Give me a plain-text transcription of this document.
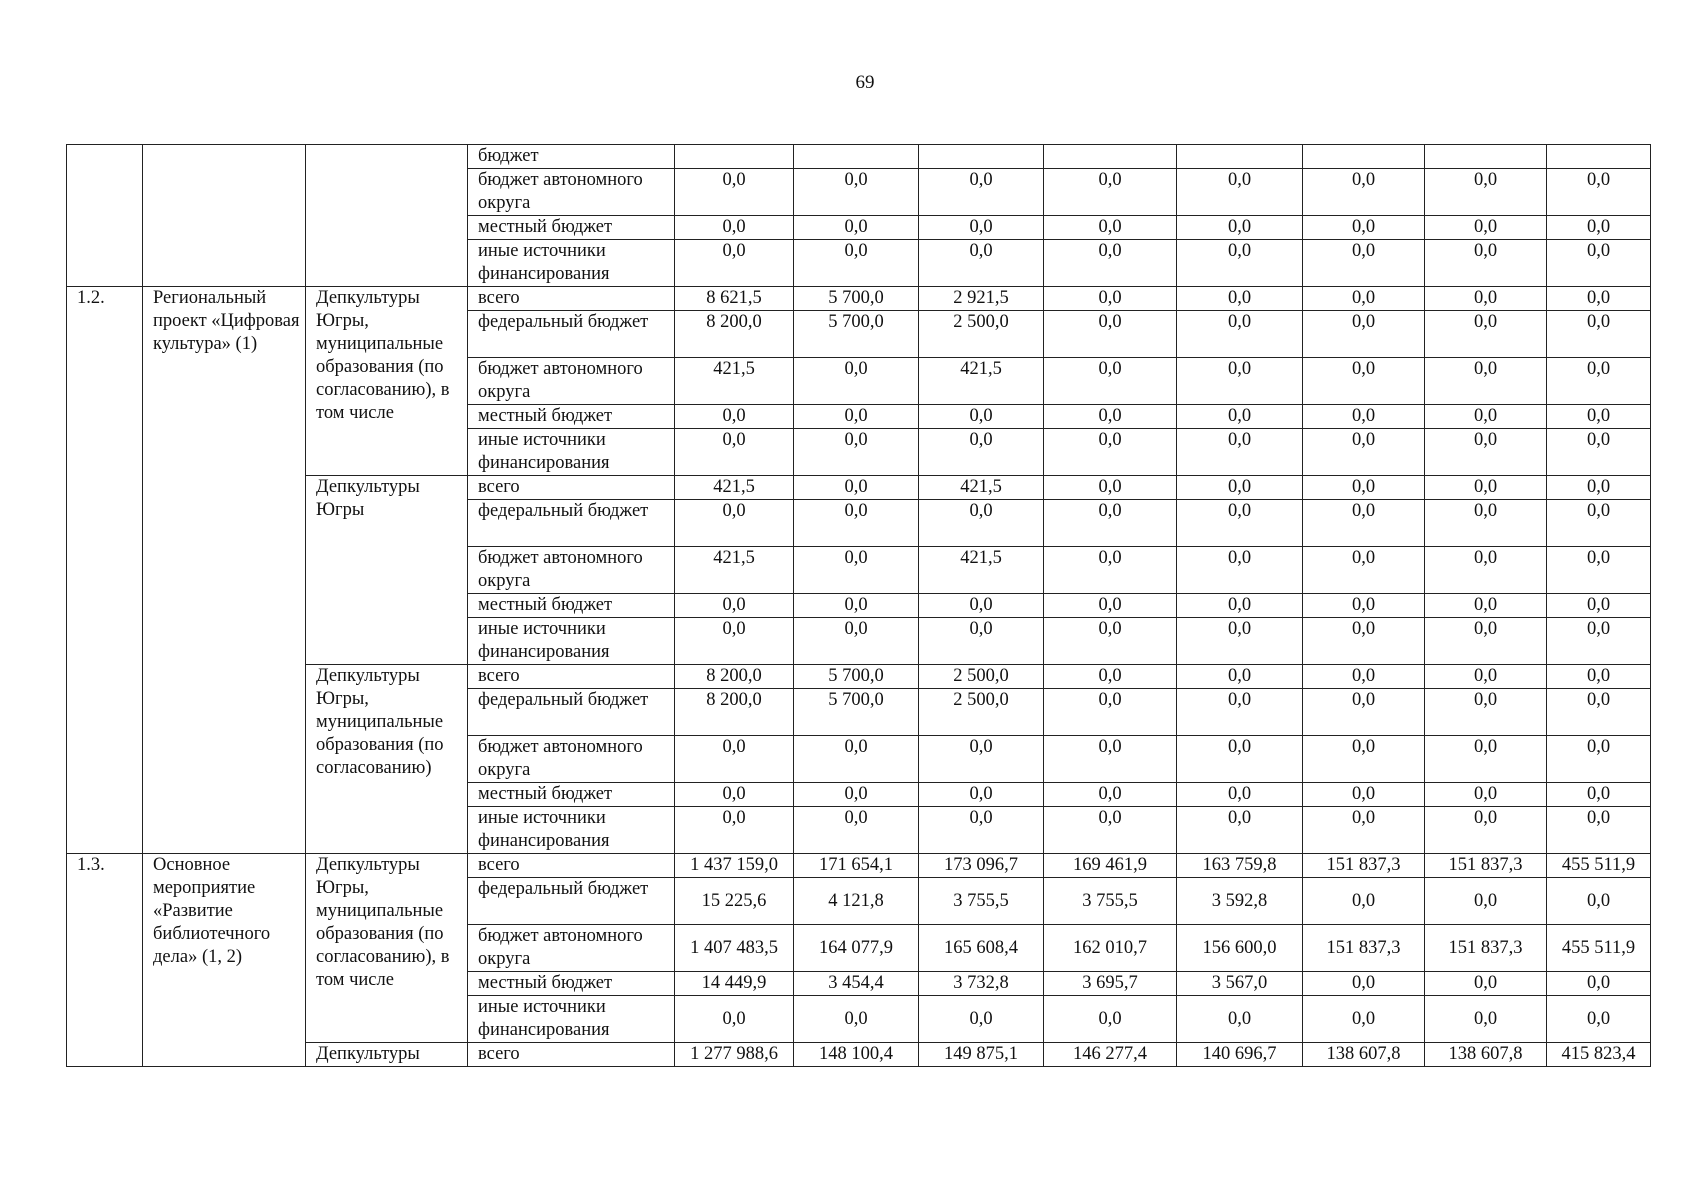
69
			бюджет								
			бюджет автономного округа	0,0	0,0	0,0	0,0	0,0	0,0	0,0	0,0
			местный бюджет	0,0	0,0	0,0	0,0	0,0	0,0	0,0	0,0
			иные источники финансирования	0,0	0,0	0,0	0,0	0,0	0,0	0,0	0,0
1.2.	Региональный проект «Цифровая культура» (1)	Депкультуры Югры, муниципальные образования (по согласованию), в том числе	всего	8 621,5	5 700,0	2 921,5	0,0	0,0	0,0	0,0	0,0
			федеральный бюджет	8 200,0	5 700,0	2 500,0	0,0	0,0	0,0	0,0	0,0
			бюджет автономного округа	421,5	0,0	421,5	0,0	0,0	0,0	0,0	0,0
			местный бюджет	0,0	0,0	0,0	0,0	0,0	0,0	0,0	0,0
			иные источники финансирования	0,0	0,0	0,0	0,0	0,0	0,0	0,0	0,0
		Депкультуры Югры	всего	421,5	0,0	421,5	0,0	0,0	0,0	0,0	0,0
			федеральный бюджет	0,0	0,0	0,0	0,0	0,0	0,0	0,0	0,0
			бюджет автономного округа	421,5	0,0	421,5	0,0	0,0	0,0	0,0	0,0
			местный бюджет	0,0	0,0	0,0	0,0	0,0	0,0	0,0	0,0
			иные источники финансирования	0,0	0,0	0,0	0,0	0,0	0,0	0,0	0,0
		Депкультуры Югры, муниципальные образования (по согласованию)	всего	8 200,0	5 700,0	2 500,0	0,0	0,0	0,0	0,0	0,0
			федеральный бюджет	8 200,0	5 700,0	2 500,0	0,0	0,0	0,0	0,0	0,0
			бюджет автономного округа	0,0	0,0	0,0	0,0	0,0	0,0	0,0	0,0
			местный бюджет	0,0	0,0	0,0	0,0	0,0	0,0	0,0	0,0
			иные источники финансирования	0,0	0,0	0,0	0,0	0,0	0,0	0,0	0,0
1.3.	Основное мероприятие «Развитие библиотечного дела» (1, 2)	Депкультуры Югры, муниципальные образования (по согласованию), в том числе	всего	1 437 159,0	171 654,1	173 096,7	169 461,9	163 759,8	151 837,3	151 837,3	455 511,9
			федеральный бюджет	15 225,6	4 121,8	3 755,5	3 755,5	3 592,8	0,0	0,0	0,0
			бюджет автономного округа	1 407 483,5	164 077,9	165 608,4	162 010,7	156 600,0	151 837,3	151 837,3	455 511,9
			местный бюджет	14 449,9	3 454,4	3 732,8	3 695,7	3 567,0	0,0	0,0	0,0
			иные источники финансирования	0,0	0,0	0,0	0,0	0,0	0,0	0,0	0,0
		Депкультуры	всего	1 277 988,6	148 100,4	149 875,1	146 277,4	140 696,7	138 607,8	138 607,8	415 823,4
